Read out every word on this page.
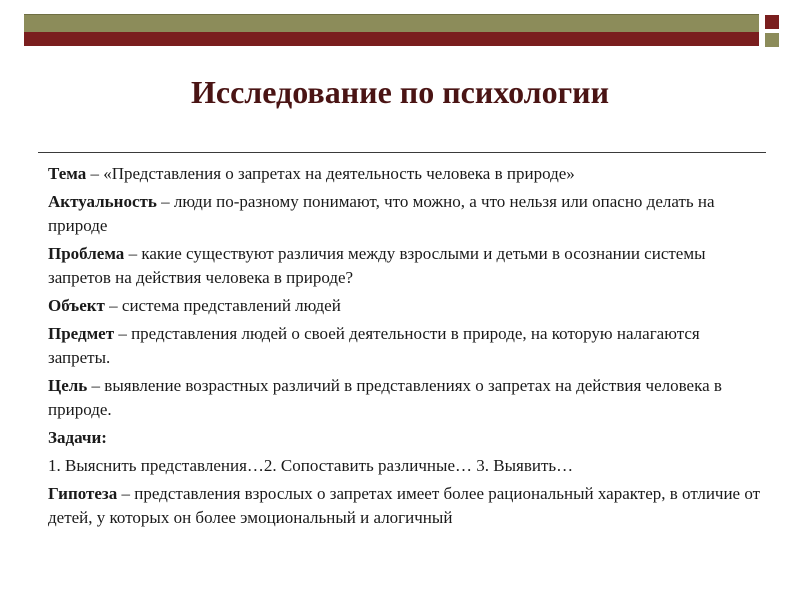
Исследование по психологии

Тема – «Представления о запретах на деятельность человека в природе»

Актуальность – люди по-разному понимают, что можно, а что нельзя или опасно делать на природе

Проблема – какие существуют различия между взрослыми и детьми в осознании системы запретов на действия человека в природе?

Объект – система представлений людей

Предмет – представления людей о своей деятельности в природе, на которую налагаются запреты.

Цель – выявление возрастных различий в представлениях о запретах на действия человека в природе.

Задачи:

1. Выяснить представления…2. Сопоставить различные… 3. Выявить…

Гипотеза – представления взрослых о запретах имеет более рациональный характер, в отличие от детей, у которых он более эмоциональный и алогичный
